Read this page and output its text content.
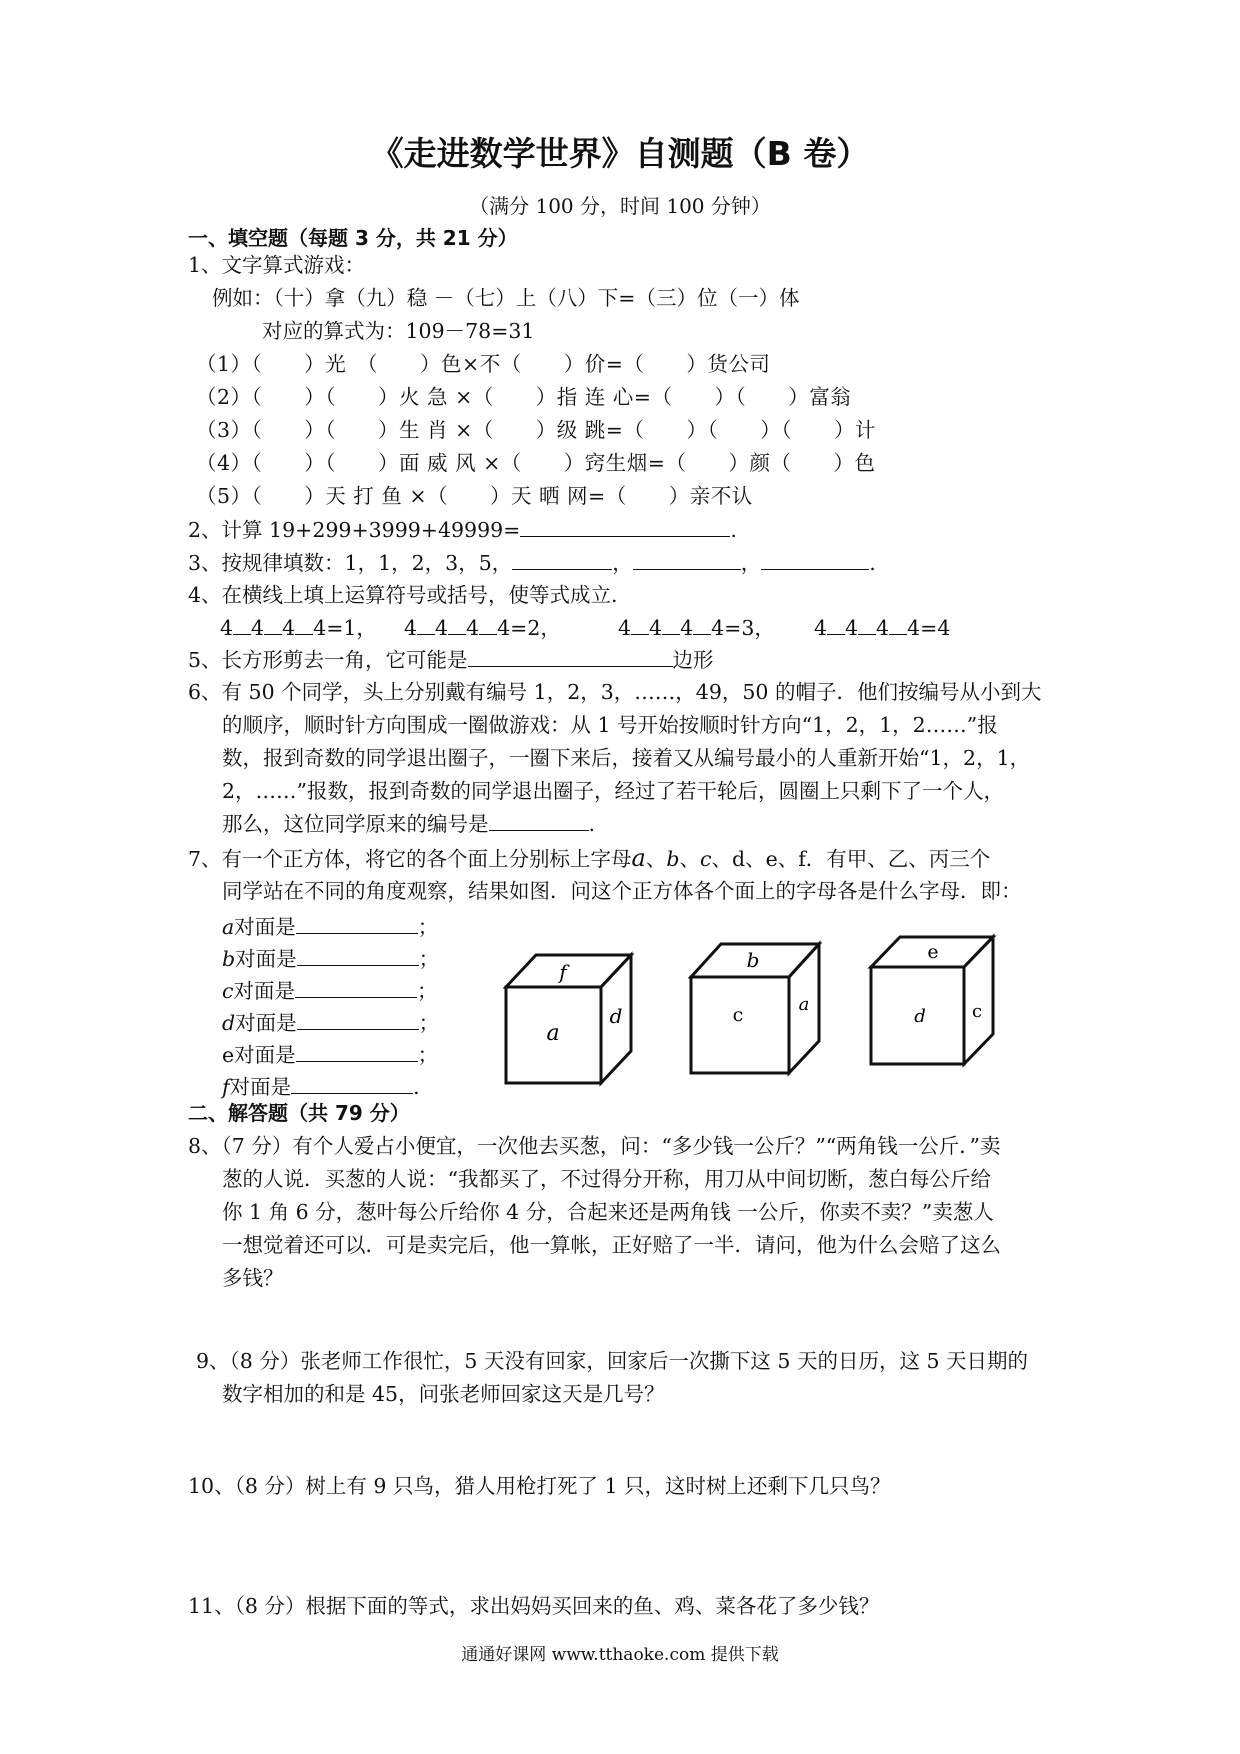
《走进数学世界》自测题（B 卷）
（满分 100 分，时间 100 分钟）
一、填空题（每题 3 分，共 21 分）
1、文字算式游戏：
例如：（十）拿（九）稳 －（七）上（八）下=（三）位（一）体
对应的算式为：109－78=31
（1）（　　）光　（　　）色×不（　　）价=（　　）货公司
（2）（　　）（　　）火 急 ×（　　）指 连 心=（　　）（　　）富翁
（3）（　　）（　　）生 肖 ×（　　）级 跳=（　　）（　　）（　　）计
（4）（　　）（　　）面 威 风 ×（　　）窍生烟=（　　）颜（　　）色
（5）（　　）天 打 鱼 ×（　　）天 晒 网=（　　）亲不认
2、计算 19+299+3999+49999=	.
3、按规律填数：1，1，2，3，5，	，	，	.
4、在横线上填上运算符号或括号，使等式成立.
4 4 4 4=1， 4 4 4 4=2，	4 4 4 4=3， 4 4 4 4=4
5、长方形剪去一角，它可能是	边形
6、有 50 个同学，头上分别戴有编号 1，2，3，……，49，50 的帽子．他们按编号从小到大
的顺序，顺时针方向围成一圈做游戏：从 1 号开始按顺时针方向“1，2，1，2……”报
数，报到奇数的同学退出圈子，一圈下来后，接着又从编号最小的人重新开始“1，2，1，
2，……”报数，报到奇数的同学退出圈子，经过了若干轮后，圆圈上只剩下了一个人，
那么，这位同学原来的编号是	.
7、有一个正方体，将它的各个面上分别标上字母a、b、c、d、e、f．有甲、乙、丙三个
同学站在不同的角度观察，结果如图．问这个正方体各个面上的字母各是什么字母．即：
a对面是	；
b对面是	；
c对面是	；
d对面是	；
e对面是	；
f对面是	.
f
a
d
b
c	a
e
d	c
二、解答题（共 79 分）
8、（7 分）有个人爱占小便宜，一次他去买葱，问：“多少钱一公斤？”“两角钱一公斤．”卖
葱的人说．买葱的人说：“我都买了，不过得分开称，用刀从中间切断，葱白每公斤给
你 1 角 6 分，葱叶每公斤给你 4 分，合起来还是两角钱 一公斤，你卖不卖？”卖葱人
一想觉着还可以．可是卖完后，他一算帐，正好赔了一半．请问，他为什么会赔了这么
多钱？
9、（8 分）张老师工作很忙，5 天没有回家，回家后一次撕下这 5 天的日历，这 5 天日期的
数字相加的和是 45，问张老师回家这天是几号？
10、（8 分）树上有 9 只鸟，猎人用枪打死了 1 只，这时树上还剩下几只鸟？
11、（8 分）根据下面的等式，求出妈妈买回来的鱼、鸡、菜各花了多少钱？
通通好课网 www.tthaoke.com 提供下载
